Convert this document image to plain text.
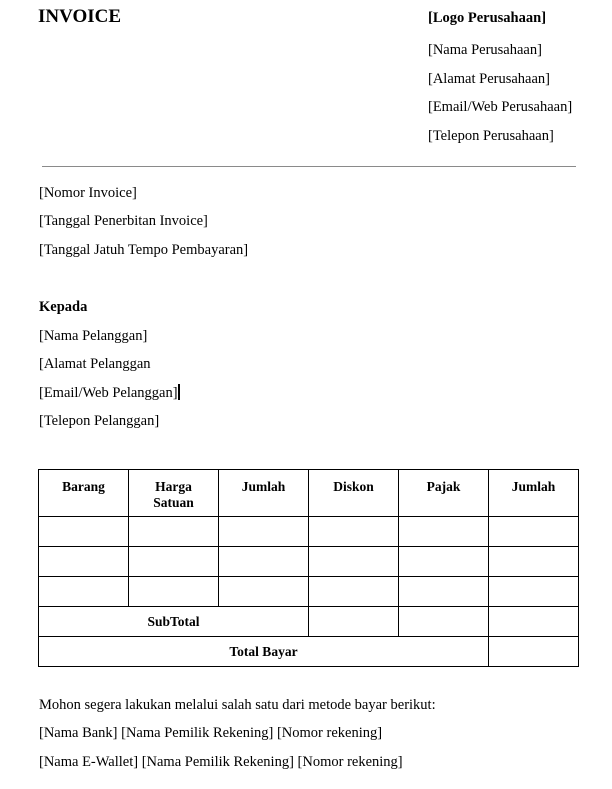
INVOICE	[Logo Perusahaan]
[Nama Perusahaan]
[Alamat Perusahaan]
[Email/Web Perusahaan]
[Telepon Perusahaan]
[Nomor Invoice]
[Tanggal Penerbitan Invoice]
[Tanggal Jatuh Tempo Pembayaran]
Kepada
[Nama Pelanggan]
[Alamat Pelanggan
[Email/Web Pelanggan]
[Telepon Pelanggan]
Barang	Harga Satuan	Jumlah	Diskon	Pajak	Jumlah

SubTotal					
Total Bayar					
Mohon segera lakukan melalui salah satu dari metode bayar berikut:
[Nama Bank] [Nama Pemilik Rekening] [Nomor rekening]
[Nama E-Wallet] [Nama Pemilik Rekening] [Nomor rekening]
